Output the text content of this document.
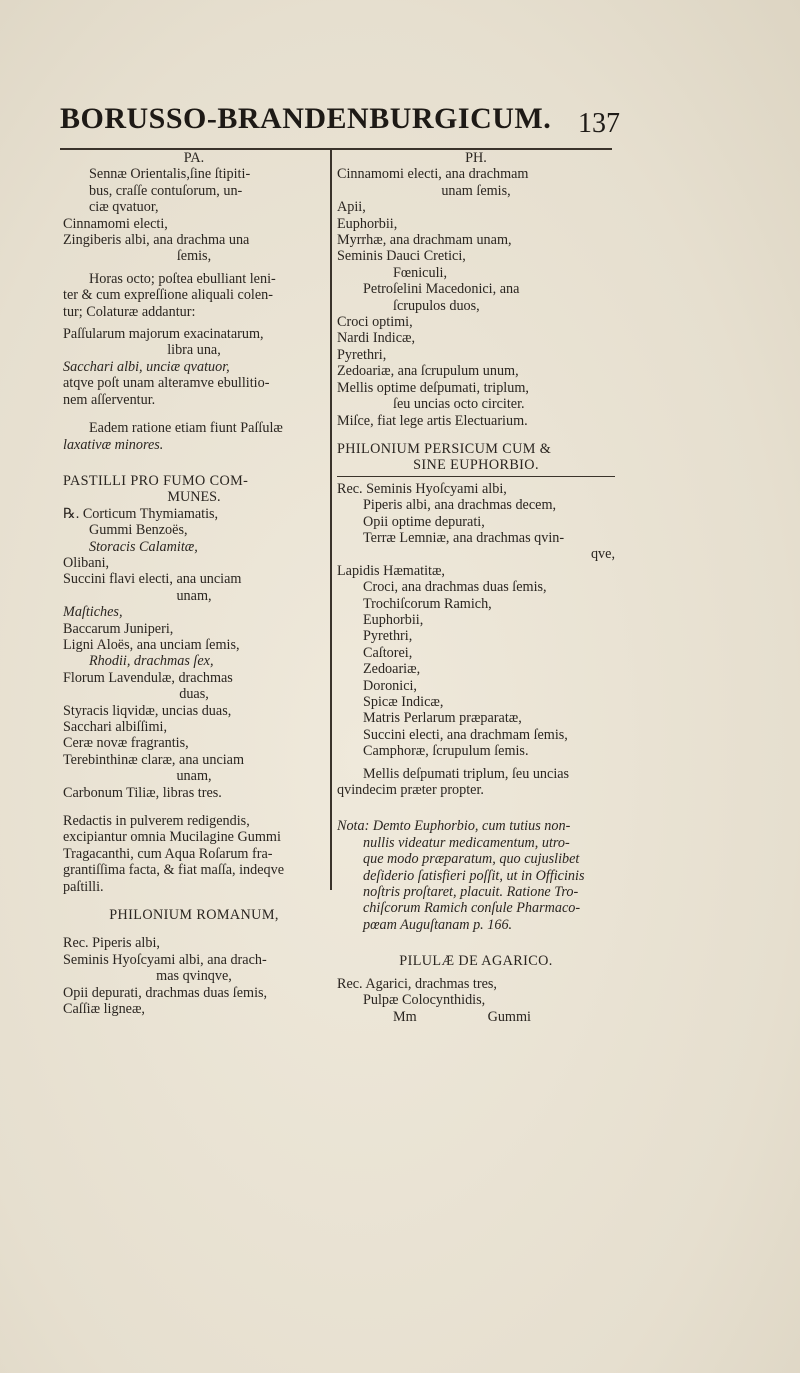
BORUSSO-BRANDENBURGICUM. 137
PA.
Sennæ Orientalis,ſine ſtipiti-
bus, craſſe contuſorum, un-
ciæ qvatuor,
Cinnamomi electi,
Zingiberis albi, ana drachma una
ſemis,
Horas octo; poſtea ebulliant leni-
ter & cum expreſſione aliquali colen-
tur; Colaturæ addantur:
Paſſularum majorum exacinatarum,
libra una,
Sacchari albi, unciæ qvatuor,
atqve poſt unam alteramve ebullitio-
nem aſſerventur.
Eadem ratione etiam fiunt Paſſulæ
laxativæ minores.
PASTILLI PRO FUMO COM-
MUNES.
℞. Corticum Thymiamatis,
Gummi Benzoës,
Storacis Calamitæ,
Olibani,
Succini flavi electi, ana unciam
unam,
Maſtiches,
Baccarum Juniperi,
Ligni Aloës, ana unciam ſemis,
Rhodii, drachmas ſex,
Florum Lavendulæ, drachmas
duas,
Styracis liqvidæ, uncias duas,
Sacchari albiſſimi,
Ceræ novæ fragrantis,
Terebinthinæ claræ, ana unciam
unam,
Carbonum Tiliæ, libras tres.
Redactis in pulverem redigendis,
excipiantur omnia Mucilagine Gummi
Tragacanthi, cum Aqua Roſarum fra-
grantiſſima facta, & fiat maſſa, indeqve
paſtilli.
PHILONIUM ROMANUM,
Rec. Piperis albi,
Seminis Hyoſcyami albi, ana drach-
mas qvinqve,
Opii depurati, drachmas duas ſemis,
Caſſiæ ligneæ,
PH.
Cinnamomi electi, ana drachmam
unam ſemis,
Apii,
Euphorbii,
Myrrhæ, ana drachmam unam,
Seminis Dauci Cretici,
Fœniculi,
Petroſelini Macedonici, ana
ſcrupulos duos,
Croci optimi,
Nardi Indicæ,
Pyrethri,
Zedoariæ, ana ſcrupulum unum,
Mellis optime deſpumati, triplum,
ſeu uncias octo circiter.
Miſce, fiat lege artis Electuarium.
PHILONIUM PERSICUM CUM &
SINE EUPHORBIO.
Rec. Seminis Hyoſcyami albi,
Piperis albi, ana drachmas decem,
Opii optime depurati,
Terræ Lemniæ, ana drachmas qvin-
qve,
Lapidis Hæmatitæ,
Croci, ana drachmas duas ſemis,
Trochiſcorum Ramich,
Euphorbii,
Pyrethri,
Caſtorei,
Zedoariæ,
Doronici,
Spicæ Indicæ,
Matris Perlarum præparatæ,
Succini electi, ana drachmam ſemis,
Camphoræ, ſcrupulum ſemis.
Mellis deſpumati triplum, ſeu uncias
qvindecim præter propter.
Nota: Demto Euphorbio, cum tutius non-
nullis videatur medicamentum, utro-
que modo præparatum, quo cujuslibet
deſiderio ſatisfieri poſſit, ut in Officinis
noſtris proſtaret, placuit. Ratione Tro-
chiſcorum Ramich conſule Pharmaco-
pœam Auguſtanam p. 166.
PILULÆ DE AGARICO.
Rec. Agarici, drachmas tres,
Pulpæ Colocynthidis,
Mm                    Gummi
